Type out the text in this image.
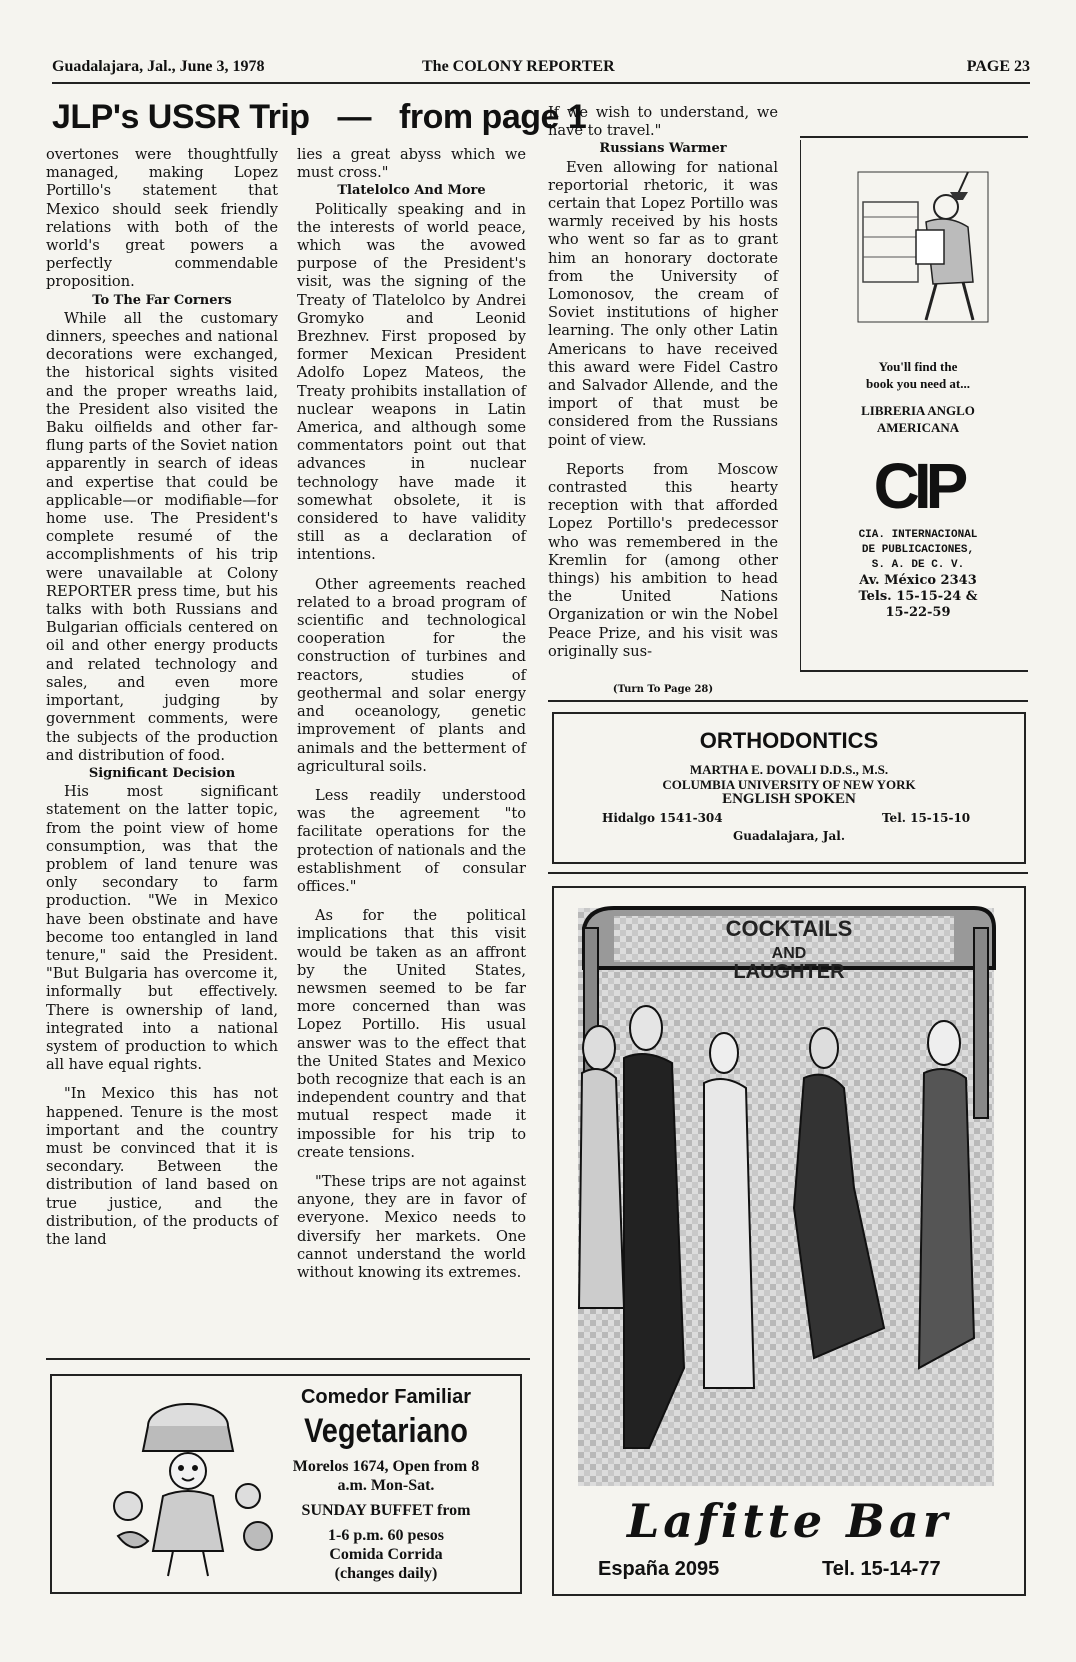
Guadalajara, Jal., June 3, 1978	The COLONY REPORTER	PAGE 23
JLP's USSR Trip — from page 1

overtones were thoughtfully managed, making Lopez Portillo's statement that Mexico should seek friendly relations with both of the world's great powers a perfectly commendable proposition.

To The Far Corners

While all the customary dinners, speeches and national decorations were exchanged, the historical sights visited and the proper wreaths laid, the President also visited the Baku oilfields and other far-flung parts of the Soviet nation apparently in search of ideas and expertise that could be applicable—or modifiable—for home use. The President's complete resumé of the accomplishments of his trip were unavailable at Colony REPORTER press time, but his talks with both Russians and Bulgarian officials centered on oil and other energy products and related technology and sales, and even more important, judging by government comments, were the subjects of the production and distribution of food.

Significant Decision

His most significant statement on the latter topic, from the point view of home consumption, was that the problem of land tenure was only secondary to farm production. "We in Mexico have been obstinate and have become too entangled in land tenure," said the President. "But Bulgaria has overcome it, informally but effectively. There is ownership of land, integrated into a national system of production to which all have equal rights.

"In Mexico this has not happened. Tenure is the most important and the country must be convinced that it is secondary. Between the distribution of land based on true justice, and the distribution, of the products of the land

lies a great abyss which we must cross."

Tlatelolco And More

Politically speaking and in the interests of world peace, which was the avowed purpose of the President's visit, was the signing of the Treaty of Tlatelolco by Andrei Gromyko and Leonid Brezhnev. First proposed by former Mexican President Adolfo Lopez Mateos, the Treaty prohibits installation of nuclear weapons in Latin America, and although some commentators point out that advances in nuclear technology have made it somewhat obsolete, it is considered to have validity still as a declaration of intentions.

Other agreements reached related to a broad program of scientific and technological cooperation for the construction of turbines and reactors, studies of geothermal and solar energy and oceanology, genetic improvement of plants and animals and the betterment of agricultural soils.

Less readily understood was the agreement "to facilitate operations for the protection of nationals and the establishment of consular offices."

As for the political implications that this visit would be taken as an affront by the United States, newsmen seemed to be far more concerned than was Lopez Portillo. His usual answer was to the effect that the United States and Mexico both recognize that each is an independent country and that mutual respect made it impossible for his trip to create tensions.

"These trips are not against anyone, they are in favor of everyone. Mexico needs to diversify her markets. One cannot understand the world without knowing its extremes.

If we wish to understand, we have to travel."

Russians Warmer

Even allowing for national reportorial rhetoric, it was certain that Lopez Portillo was warmly received by his hosts who went so far as to grant him an honorary doctorate from the University of Lomonosov, the cream of Soviet institutions of higher learning. The only other Latin Americans to have received this award were Fidel Castro and Salvador Allende, and the import of that must be considered from the Russians point of view.

Reports from Moscow contrasted this hearty reception with that afforded Lopez Portillo's predecessor who was remembered in the Kremlin for (among other things) his ambition to head the United Nations Organization or win the Nobel Peace Prize, and his visit was originally sus-

(Turn To Page 28)
You'll find the
book you need at...
LIBRERIA ANGLO
AMERICANA
CIP
CIA. INTERNACIONAL
DE PUBLICACIONES,
S. A. DE C. V.
Av. México 2343
Tels. 15-15-24 &
15-22-59
ORTHODONTICS
MARTHA E. DOVALI D.D.S., M.S.
COLUMBIA UNIVERSITY OF NEW YORK
ENGLISH SPOKEN
Hidalgo 1541-304	Tel. 15-15-10
Guadalajara, Jal.
COCKTAILS
AND
LAUGHTER
Lafitte Bar
España 2095	Tel. 15-14-77
Comedor Familiar
Vegetariano
Morelos 1674, Open from 8
a.m. Mon-Sat.
SUNDAY BUFFET from
1-6 p.m. 60 pesos
Comida Corrida
(changes daily)
